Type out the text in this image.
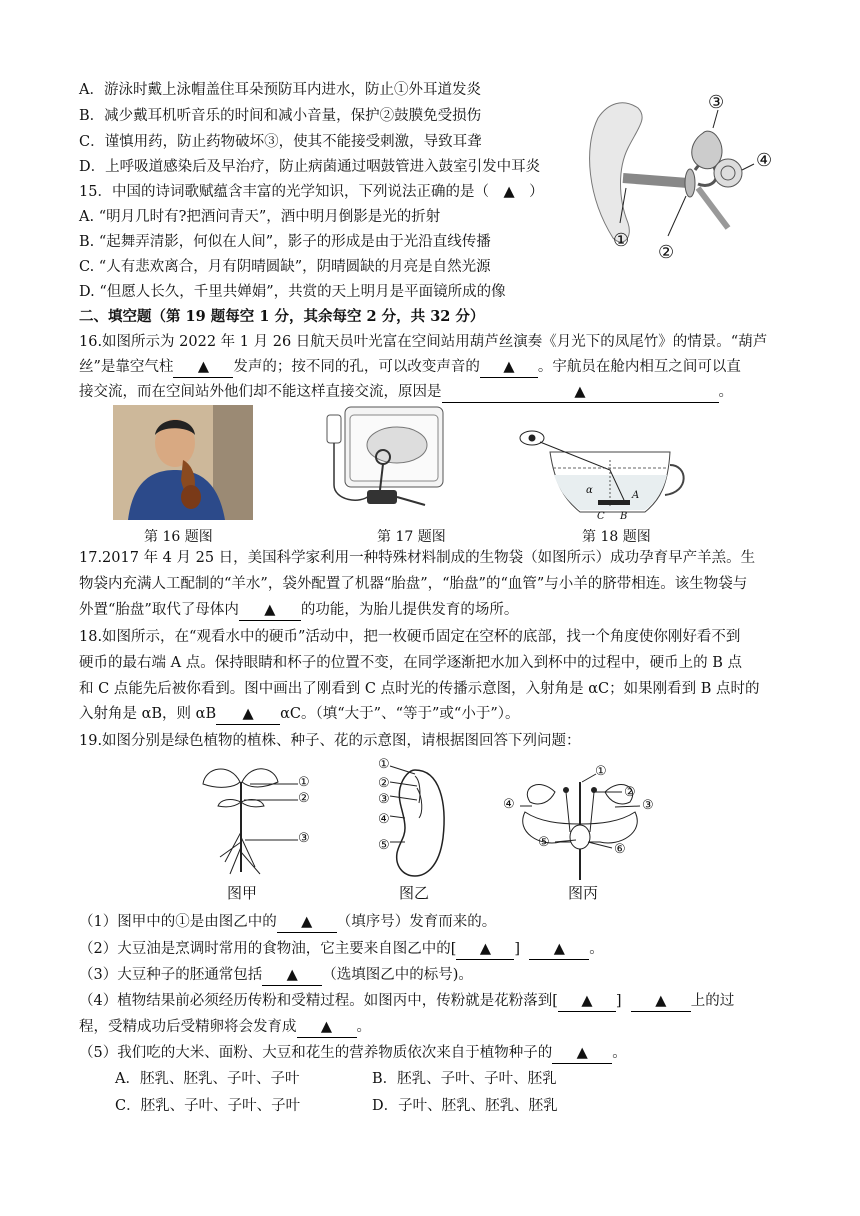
A．游泳时戴上泳帽盖住耳朵预防耳内进水，防止①外耳道发炎
B．减少戴耳机听音乐的时间和减小音量，保护②鼓膜免受损伤
C．谨慎用药，防止药物破坏③，使其不能接受刺激，导致耳聋
D．上呼吸道感染后及早治疗，防止病菌通过咽鼓管进入鼓室引发中耳炎
15．中国的诗词歌赋蕴含丰富的光学知识，下列说法正确的是（　▲　）
A. “明月几时有?把酒问青天”，酒中明月倒影是光的折射
B. “起舞弄清影，何似在人间”，影子的形成是由于光沿直线传播
C. “人有悲欢离合，月有阴晴圆缺”，阴晴圆缺的月亮是自然光源
D. “但愿人长久，千里共婵娟”，共赏的天上明月是平面镜所成的像
③
④
①
②
二、填空题（第 19 题每空 1 分，其余每空 2 分，共 32 分）
16.如图所示为 2022 年 1 月 26 日航天员叶光富在空间站用葫芦丝演奏《月光下的凤尾竹》的情景。“葫芦
丝”是靠空气柱 ▲ 发声的；按不同的孔，可以改变声音的 ▲ 。宇航员在舱内相互之间可以直
接交流，而在空间站外他们却不能这样直接交流，原因是	▲	。
第 16 题图	第 17 题图
α	A
C B
第 18 题图
17.2017 年 4 月 25 日，美国科学家利用一种特殊材料制成的生物袋（如图所示）成功孕育早产羊羔。生
物袋内充满人工配制的“羊水”，袋外配置了机器“胎盘”，“胎盘”的“血管”与小羊的脐带相连。该生物袋与
外置“胎盘”取代了母体内 ▲ 的功能，为胎儿提供发育的场所。
18.如图所示，在“观看水中的硬币”活动中，把一枚硬币固定在空杯的底部，找一个角度使你刚好看不到
硬币的最右端 A 点。保持眼睛和杯子的位置不变，在同学逐渐把水加入到杯中的过程中，硬币上的 B 点
和 C 点能先后被你看到。图中画出了刚看到 C 点时光的传播示意图，入射角是 αC；如果刚看到 B 点时的
入射角是 αB，则 αB ▲ αC。（填“大于”、“等于”或“小于”）。
19.如图分别是绿色植物的植株、种子、花的示意图，请根据图回答下列问题：
①
②
③
图甲
①
②
③
④
⑤
图乙
①
②
③
④
⑤	⑥
图丙
（1）图甲中的①是由图乙中的 ▲ （填序号）发育而来的。
（2）大豆油是烹调时常用的食物油，它主要来自图乙中的[ ▲ ] ▲ 。
（3）大豆种子的胚通常包括 ▲ （选填图乙中的标号)。
（4）植物结果前必须经历传粉和受精过程。如图丙中，传粉就是花粉落到[ ▲ ] ▲ 上的过
程，受精成功后受精卵将会发育成 ▲ 。
（5）我们吃的大米、面粉、大豆和花生的营养物质依次来自于植物种子的 ▲ 。
A．胚乳、胚乳、子叶、子叶	B．胚乳、子叶、子叶、胚乳
C．胚乳、子叶、子叶、子叶	D．子叶、胚乳、胚乳、胚乳
